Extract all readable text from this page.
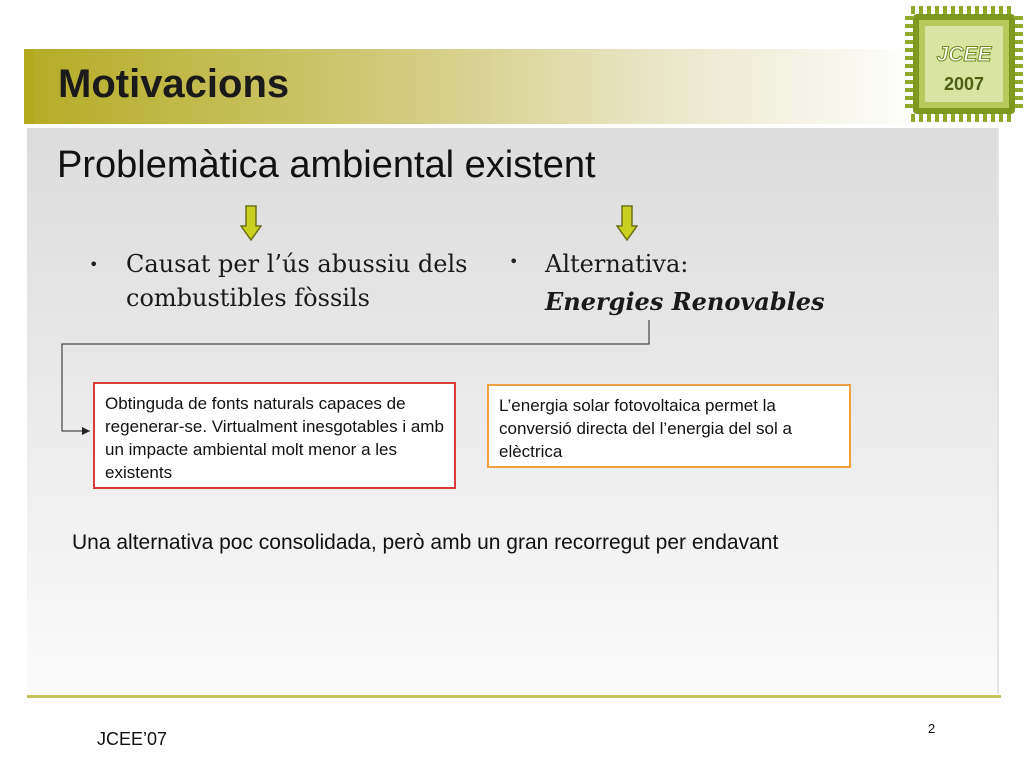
Motivacions
JCEE
2007
Problemàtica ambiental existent
• Causat per l’ús abussiu dels
combustibles fòssils
• Alternativa:
Energies Renovables
Obtinguda de fonts naturals capaces de regenerar-se. Virtualment inesgotables i amb un impacte ambiental molt menor a les existents
L’energia solar fotovoltaica permet la conversió directa del l’energia del sol a elèctrica
Una alternativa poc consolidada, però amb un gran recorregut per endavant
JCEE’07
2
